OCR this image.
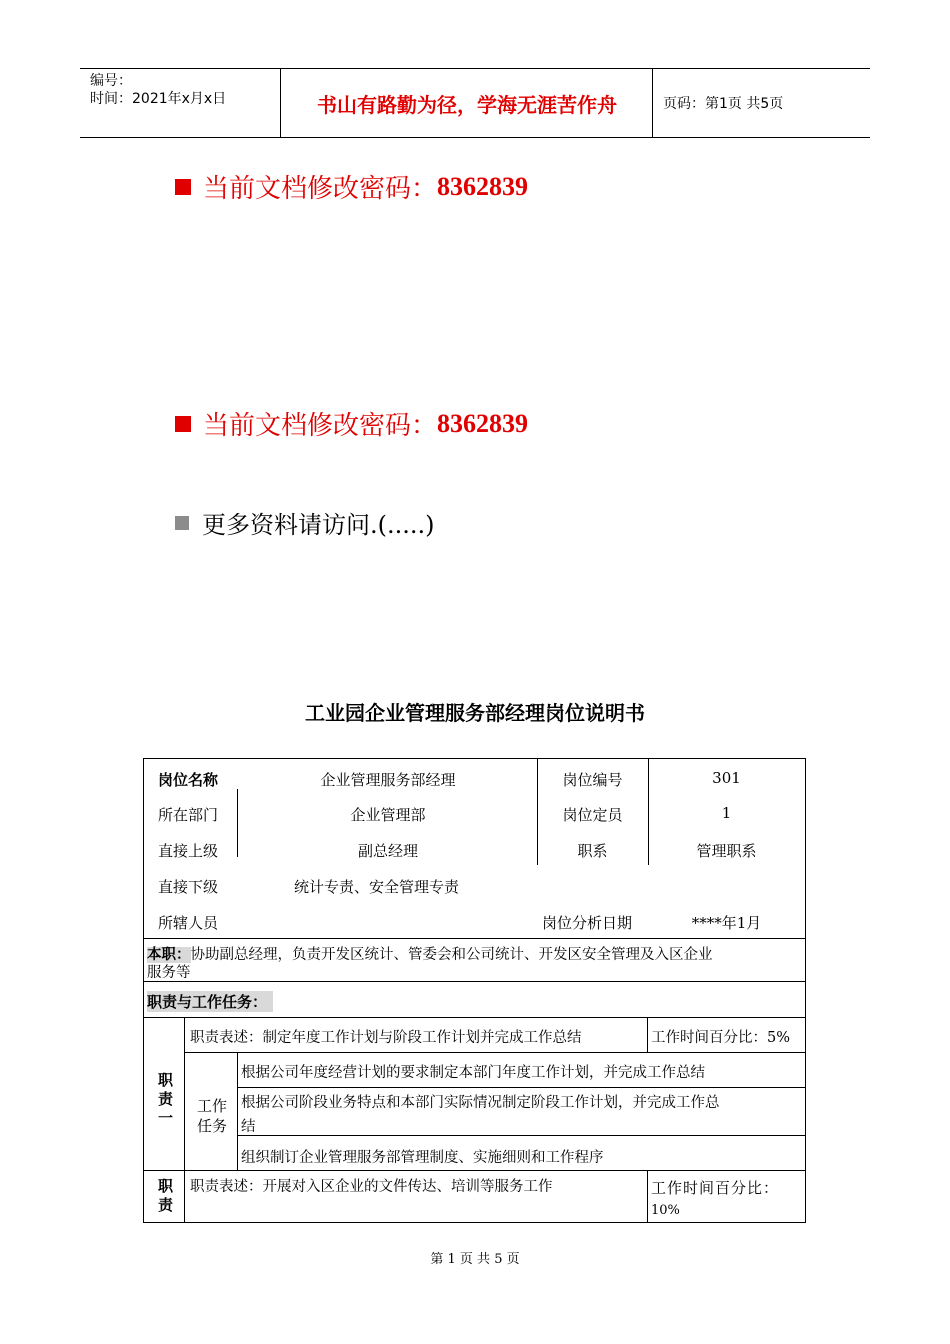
编号：
时间：2021年x月x日	书山有路勤为径，学海无涯苦作舟	页码：第1页 共5页
当前文档修改密码： 8362839
当前文档修改密码： 8362839
更多资料请访问.(.....)
工业园企业管理服务部经理岗位说明书
岗位名称	企业管理服务部经理	岗位编号	301
所在部门	企业管理部	岗位定员	1
直接上级	副总经理	职系	管理职系
直接下级	统计专责、安全管理专责
所辖人员	岗位分析日期	****年1月
本职：协助副总经理，负责开发区统计、管委会和公司统计、开发区安全管理及入区企业
服务等
职责与工作任务：
职
责
一
职责表述：制定年度工作计划与阶段工作计划并完成工作总结	工作时间百分比：5%
工作
任务
根据公司年度经营计划的要求制定本部门年度工作计划，并完成工作总结
根据公司阶段业务特点和本部门实际情况制定阶段工作计划，并完成工作总
结
组织制订企业管理服务部管理制度、实施细则和工作程序
职
责
职责表述：开展对入区企业的文件传达、培训等服务工作	工作时间百分比：
10%
第 1 页 共 5 页
